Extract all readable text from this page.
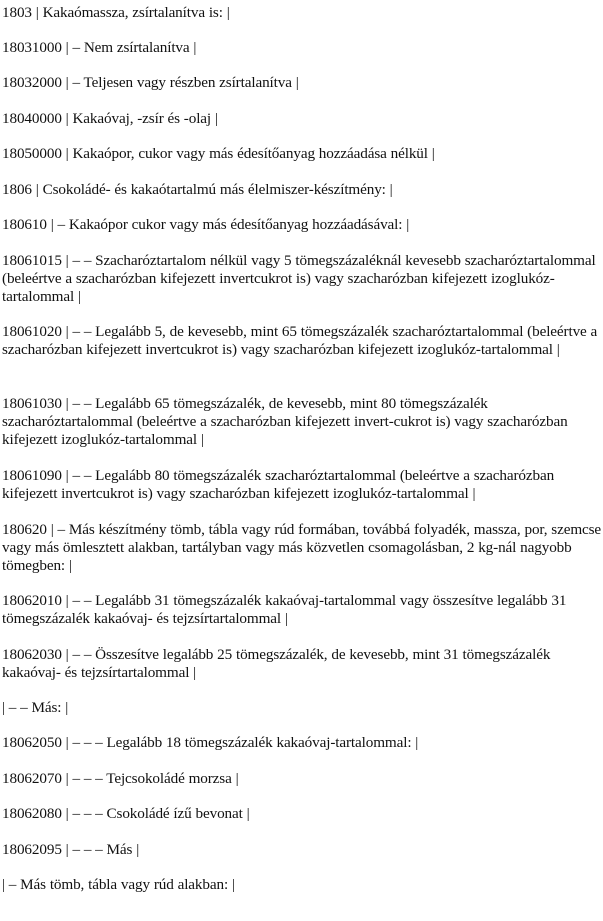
1803 | Kakaómassza, zsírtalanítva is: |

18031000 | – Nem zsírtalanítva |

18032000 | – Teljesen vagy részben zsírtalanítva |

18040000 | Kakaóvaj, -zsír és -olaj |

18050000 | Kakaópor, cukor vagy más édesítőanyag hozzáadása nélkül |

1806 | Csokoládé- és kakaótartalmú más élelmiszer-készítmény: |

180610 | – Kakaópor cukor vagy más édesítőanyag hozzáadásával: |

18061015 | – – Szacharóztartalom nélkül vagy 5 tömegszázaléknál kevesebb szacharóztartalommal (beleértve a szacharózban kifejezett invertcukrot is) vagy szacharózban kifejezett izoglukóz-tartalommal |

18061020 | – – Legalább 5, de kevesebb, mint 65 tömegszázalék szacharóztartalommal (beleértve a szacharózban kifejezett invertcukrot is) vagy szacharózban kifejezett izoglukóz-tartalommal |

18061030 | – – Legalább 65 tömegszázalék, de kevesebb, mint 80 tömegszázalék szacharóztartalommal (beleértve a szacharózban kifejezett invert-cukrot is) vagy szacharózban kifejezett izoglukóz-tartalommal |

18061090 | – – Legalább 80 tömegszázalék szacharóztartalommal (beleértve a szacharózban kifejezett invertcukrot is) vagy szacharózban kifejezett izoglukóz-tartalommal |

180620 | – Más készítmény tömb, tábla vagy rúd formában, továbbá folyadék, massza, por, szemcse vagy más ömlesztett alakban, tartályban vagy más közvetlen csomagolásban, 2 kg-nál nagyobb tömegben: |

18062010 | – – Legalább 31 tömegszázalék kakaóvaj-tartalommal vagy összesítve legalább 31 tömegszázalék kakaóvaj- és tejzsírtartalommal |

18062030 | – – Összesítve legalább 25 tömegszázalék, de kevesebb, mint 31 tömegszázalék kakaóvaj- és tejzsírtartalommal |

| – – Más: |

18062050 | – – – Legalább 18 tömegszázalék kakaóvaj-tartalommal: |

18062070 | – – – Tejcsokoládé morzsa |

18062080 | – – – Csokoládé ízű bevonat |

18062095 | – – – Más |

| – Más tömb, tábla vagy rúd alakban: |
